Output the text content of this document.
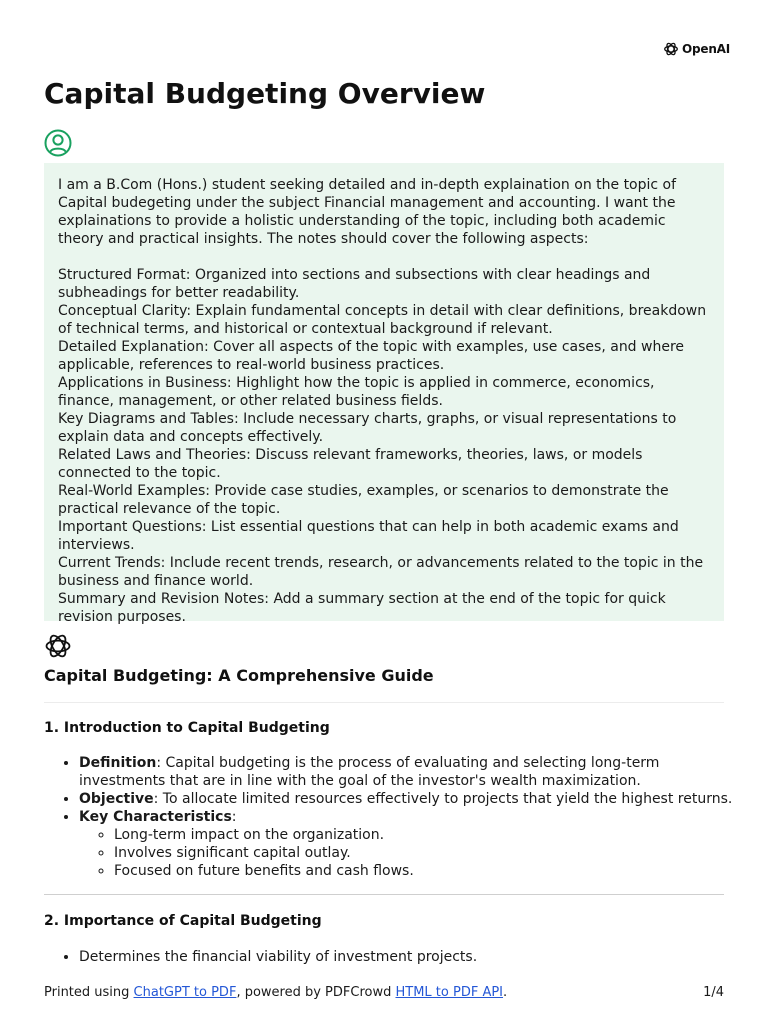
OpenAI
Capital Budgeting Overview

I am a B.Com (Hons.) student seeking detailed and in-depth explaination on the topic of Capital budegeting under the subject Financial management and accounting. I want the explainations to provide a holistic understanding of the topic, including both academic theory and practical insights. The notes should cover the following aspects:

Structured Format: Organized into sections and subsections with clear headings and subheadings for better readability.

Conceptual Clarity: Explain fundamental concepts in detail with clear definitions, breakdown of technical terms, and historical or contextual background if relevant.

Detailed Explanation: Cover all aspects of the topic with examples, use cases, and where applicable, references to real-world business practices.

Applications in Business: Highlight how the topic is applied in commerce, economics, finance, management, or other related business fields.

Key Diagrams and Tables: Include necessary charts, graphs, or visual representations to explain data and concepts effectively.

Related Laws and Theories: Discuss relevant frameworks, theories, laws, or models connected to the topic.

Real-World Examples: Provide case studies, examples, or scenarios to demonstrate the practical relevance of the topic.

Important Questions: List essential questions that can help in both academic exams and interviews.

Current Trends: Include recent trends, research, or advancements related to the topic in the business and finance world.

Summary and Revision Notes: Add a summary section at the end of the topic for quick revision purposes.

Capital Budgeting: A Comprehensive Guide
1. Introduction to Capital Budgeting
• Definition: Capital budgeting is the process of evaluating and selecting long-term investments that are in line with the goal of the investor's wealth maximization.
• Objective: To allocate limited resources effectively to projects that yield the highest returns.
• Key Characteristics:
◦ Long-term impact on the organization.
◦ Involves significant capital outlay.
◦ Focused on future benefits and cash flows.
2. Importance of Capital Budgeting
• Determines the financial viability of investment projects.
Printed using ChatGPT to PDF, powered by PDFCrowd HTML to PDF API.	1/4
